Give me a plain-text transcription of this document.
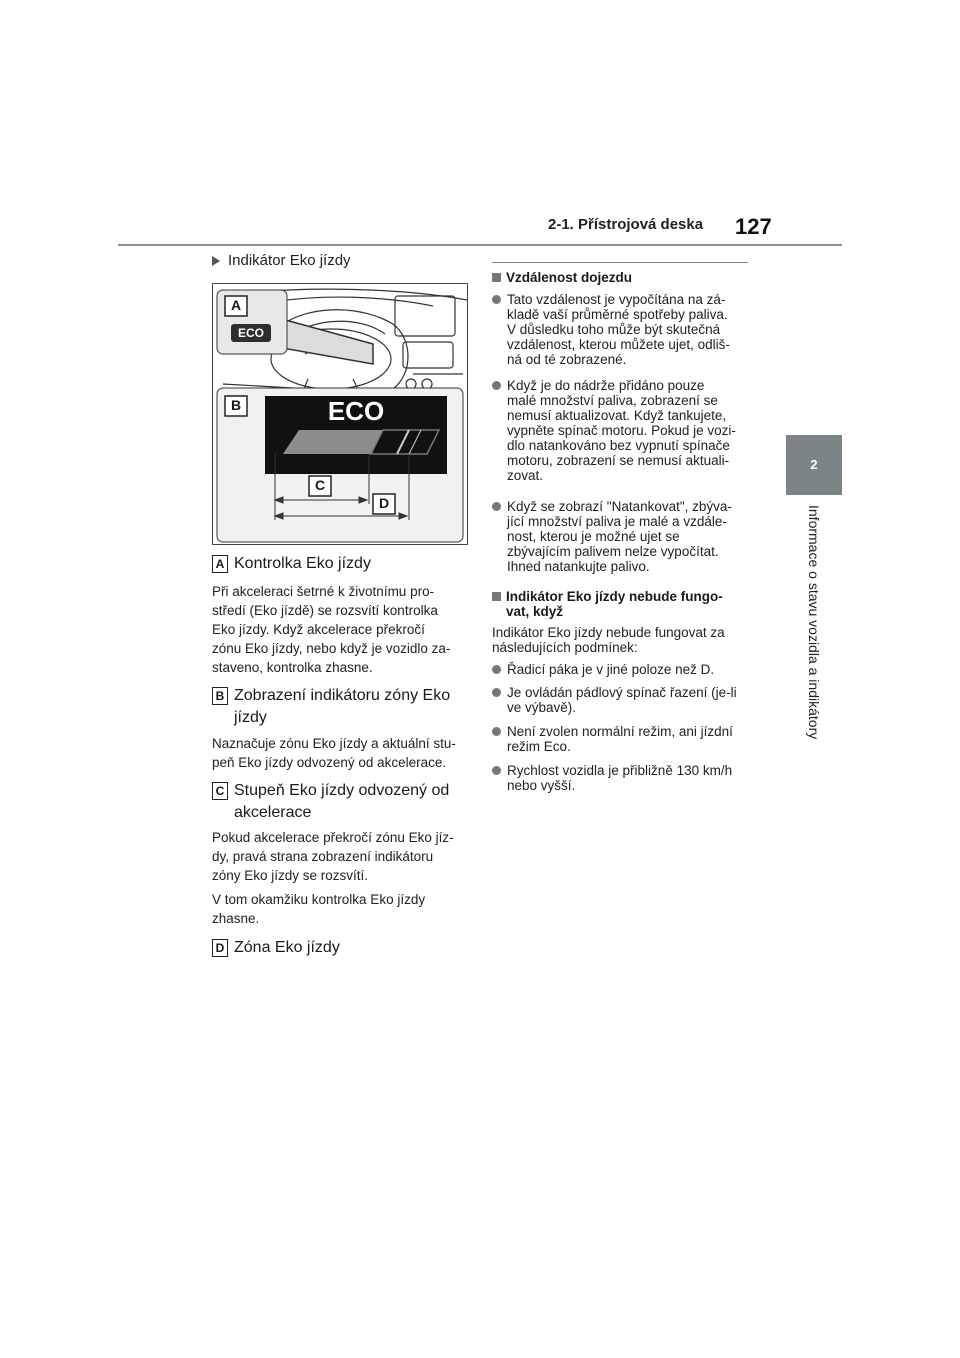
2-1. Přístrojová deska 127
2
Informace o stavu vozidla a indikátory
Indikátor Eko jízdy
A
ECO
B	ECO
C
D
A Kontrolka Eko jízdy
Při akceleraci šetrné k životnímu pro-
středí (Eko jízdě) se rozsvítí kontrolka
Eko jízdy. Když akcelerace překročí
zónu Eko jízdy, nebo když je vozidlo za-
staveno, kontrolka zhasne.
B Zobrazení indikátoru zóny Eko jízdy
Naznačuje zónu Eko jízdy a aktuální stu-
peň Eko jízdy odvozený od akcelerace.
C Stupeň Eko jízdy odvozený od akcelerace
Pokud akcelerace překročí zónu Eko jíz-
dy, pravá strana zobrazení indikátoru
zóny Eko jízdy se rozsvítí.
V tom okamžiku kontrolka Eko jízdy
zhasne.
D Zóna Eko jízdy
Vzdálenost dojezdu
Tato vzdálenost je vypočítána na zá-
kladě vaší průměrné spotřeby paliva.
V důsledku toho může být skutečná
vzdálenost, kterou můžete ujet, odliš-
ná od té zobrazené.
Když je do nádrže přidáno pouze
malé množství paliva, zobrazení se
nemusí aktualizovat. Když tankujete,
vypněte spínač motoru. Pokud je vozi-
dlo natankováno bez vypnutí spínače
motoru, zobrazení se nemusí aktuali-
zovat.
Když se zobrazí "Natankovat", zbýva-
jící množství paliva je malé a vzdále-
nost, kterou je možné ujet se
zbývajícím palivem nelze vypočítat.
Ihned natankujte palivo.
Indikátor Eko jízdy nebude fungo-
vat, když
Indikátor Eko jízdy nebude fungovat za
následujících podmínek:
Řadicí páka je v jiné poloze než D.
Je ovládán pádlový spínač řazení (je-li
ve výbavě).
Není zvolen normální režim, ani jízdní
režim Eco.
Rychlost vozidla je přibližně 130 km/h
nebo vyšší.
